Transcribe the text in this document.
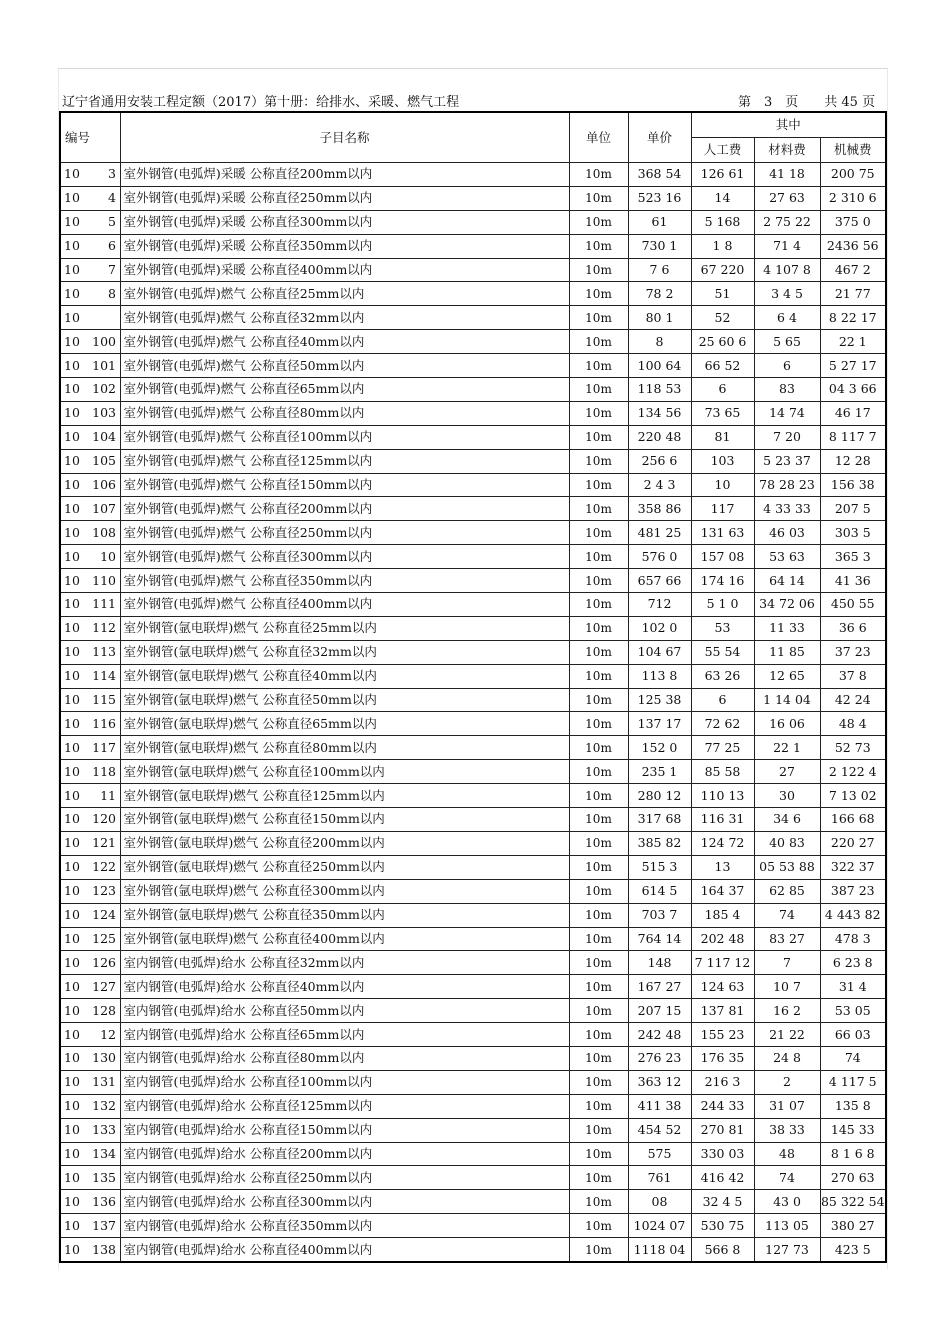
辽宁省通用安装工程定额（2017）第十册：给排水、采暖、燃气工程	第　3　页　　共 45 页
编号	子目名称	单位	单价	其中		
				人工费	材料费	机械费
10 3	室外钢管(电弧焊)采暖 公称直径200mm以内	10m	368 54	126 61	41 18	200 75
10 4	室外钢管(电弧焊)采暖 公称直径250mm以内	10m	523 16	14	27 63	2 310 6
10 5	室外钢管(电弧焊)采暖 公称直径300mm以内	10m	61	5 168	2 75 22	375 0
10 6	室外钢管(电弧焊)采暖 公称直径350mm以内	10m	730 1	1 8	71 4	2436 56
10 7	室外钢管(电弧焊)采暖 公称直径400mm以内	10m	7 6	67 220	4 107 8	467 2
10 8	室外钢管(电弧焊)燃气 公称直径25mm以内	10m	78 2	51	3 4 5	21 77
10	室外钢管(电弧焊)燃气 公称直径32mm以内	10m	80 1	52	6 4	8 22 17
10 100	室外钢管(电弧焊)燃气 公称直径40mm以内	10m	8	25 60 6	5 65	22 1
10 101	室外钢管(电弧焊)燃气 公称直径50mm以内	10m	100 64	66 52	6	5 27 17
10 102	室外钢管(电弧焊)燃气 公称直径65mm以内	10m	118 53	6	83	04 3 66
10 103	室外钢管(电弧焊)燃气 公称直径80mm以内	10m	134 56	73 65	14 74	46 17
10 104	室外钢管(电弧焊)燃气 公称直径100mm以内	10m	220 48	81	7 20	8 117 7
10 105	室外钢管(电弧焊)燃气 公称直径125mm以内	10m	256 6	103	5 23 37	12 28
10 106	室外钢管(电弧焊)燃气 公称直径150mm以内	10m	2 4 3	10	78 28 23	156 38
10 107	室外钢管(电弧焊)燃气 公称直径200mm以内	10m	358 86	117	4 33 33	207 5
10 108	室外钢管(电弧焊)燃气 公称直径250mm以内	10m	481 25	131 63	46 03	303 5
10 10	室外钢管(电弧焊)燃气 公称直径300mm以内	10m	576 0	157 08	53 63	365 3
10 110	室外钢管(电弧焊)燃气 公称直径350mm以内	10m	657 66	174 16	64 14	41 36
10 111	室外钢管(电弧焊)燃气 公称直径400mm以内	10m	712	5 1 0	34 72 06	450 55
10 112	室外钢管(氩电联焊)燃气 公称直径25mm以内	10m	102 0	53	11 33	36 6
10 113	室外钢管(氩电联焊)燃气 公称直径32mm以内	10m	104 67	55 54	11 85	37 23
10 114	室外钢管(氩电联焊)燃气 公称直径40mm以内	10m	113 8	63 26	12 65	37 8
10 115	室外钢管(氩电联焊)燃气 公称直径50mm以内	10m	125 38	6	1 14 04	42 24
10 116	室外钢管(氩电联焊)燃气 公称直径65mm以内	10m	137 17	72 62	16 06	48 4
10 117	室外钢管(氩电联焊)燃气 公称直径80mm以内	10m	152 0	77 25	22 1	52 73
10 118	室外钢管(氩电联焊)燃气 公称直径100mm以内	10m	235 1	85 58	27	2 122 4
10 11	室外钢管(氩电联焊)燃气 公称直径125mm以内	10m	280 12	110 13	30	7 13 02
10 120	室外钢管(氩电联焊)燃气 公称直径150mm以内	10m	317 68	116 31	34 6	166 68
10 121	室外钢管(氩电联焊)燃气 公称直径200mm以内	10m	385 82	124 72	40 83	220 27
10 122	室外钢管(氩电联焊)燃气 公称直径250mm以内	10m	515 3	13	05 53 88	322 37
10 123	室外钢管(氩电联焊)燃气 公称直径300mm以内	10m	614 5	164 37	62 85	387 23
10 124	室外钢管(氩电联焊)燃气 公称直径350mm以内	10m	703 7	185 4	74	4 443 82
10 125	室外钢管(氩电联焊)燃气 公称直径400mm以内	10m	764 14	202 48	83 27	478 3
10 126	室内钢管(电弧焊)给水 公称直径32mm以内	10m	148	7 117 12	7	6 23 8
10 127	室内钢管(电弧焊)给水 公称直径40mm以内	10m	167 27	124 63	10 7	31 4
10 128	室内钢管(电弧焊)给水 公称直径50mm以内	10m	207 15	137 81	16 2	53 05
10 12	室内钢管(电弧焊)给水 公称直径65mm以内	10m	242 48	155 23	21 22	66 03
10 130	室内钢管(电弧焊)给水 公称直径80mm以内	10m	276 23	176 35	24 8	74
10 131	室内钢管(电弧焊)给水 公称直径100mm以内	10m	363 12	216 3	2	4 117 5
10 132	室内钢管(电弧焊)给水 公称直径125mm以内	10m	411 38	244 33	31 07	135 8
10 133	室内钢管(电弧焊)给水 公称直径150mm以内	10m	454 52	270 81	38 33	145 33
10 134	室内钢管(电弧焊)给水 公称直径200mm以内	10m	575	330 03	48	8 1 6 8
10 135	室内钢管(电弧焊)给水 公称直径250mm以内	10m	761	416 42	74	270 63
10 136	室内钢管(电弧焊)给水 公称直径300mm以内	10m	08	32 4 5	43 0	85 322 54
10 137	室内钢管(电弧焊)给水 公称直径350mm以内	10m	1024 07	530 75	113 05	380 27
10 138	室内钢管(电弧焊)给水 公称直径400mm以内	10m	1118 04	566 8	127 73	423 5
